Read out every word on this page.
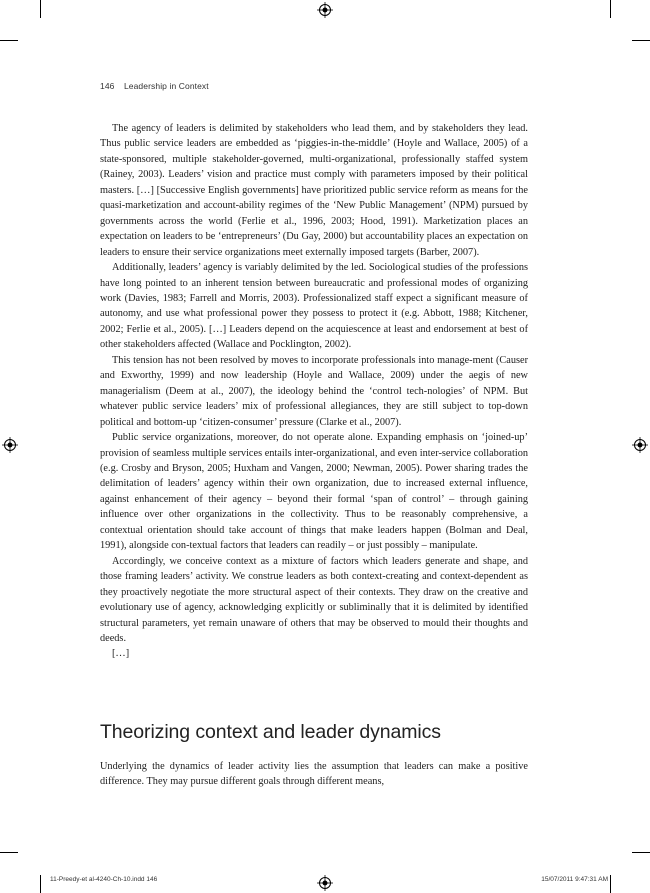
146 Leadership in Context

The agency of leaders is delimited by stakeholders who lead them, and by stakeholders they lead. Thus public service leaders are embedded as ‘piggies-in-the-middle’ (Hoyle and Wallace, 2005) of a state-sponsored, multiple stakeholder-governed, multi-organizational, professionally staffed system (Rainey, 2003). Leaders’ vision and practice must comply with parameters imposed by their political masters. […] [Successive English governments] have prioritized public service reform as means for the quasi-marketization and account-ability regimes of the ‘New Public Management’ (NPM) pursued by governments across the world (Ferlie et al., 1996, 2003; Hood, 1991). Marketization places an expectation on leaders to be ‘entrepreneurs’ (Du Gay, 2000) but accountability places an expectation on leaders to ensure their service organizations meet externally imposed targets (Barber, 2007).

Additionally, leaders’ agency is variably delimited by the led. Sociological studies of the professions have long pointed to an inherent tension between bureaucratic and professional modes of organizing work (Davies, 1983; Farrell and Morris, 2003). Professionalized staff expect a significant measure of autonomy, and use what professional power they possess to protect it (e.g. Abbott, 1988; Kitchener, 2002; Ferlie et al., 2005). […] Leaders depend on the acquiescence at least and endorsement at best of other stakeholders affected (Wallace and Pocklington, 2002).

This tension has not been resolved by moves to incorporate professionals into manage-ment (Causer and Exworthy, 1999) and now leadership (Hoyle and Wallace, 2009) under the aegis of new managerialism (Deem at al., 2007), the ideology behind the ‘control tech-nologies’ of NPM. But whatever public service leaders’ mix of professional allegiances, they are still subject to top-down political and bottom-up ‘citizen-consumer’ pressure (Clarke et al., 2007).

Public service organizations, moreover, do not operate alone. Expanding emphasis on ‘joined-up’ provision of seamless multiple services entails inter-organizational, and even inter-service collaboration (e.g. Crosby and Bryson, 2005; Huxham and Vangen, 2000; Newman, 2005). Power sharing trades the delimitation of leaders’ agency within their own organization, due to increased external influence, against enhancement of their agency – beyond their formal ‘span of control’ – through gaining influence over other organizations in the collectivity. Thus to be reasonably comprehensive, a contextual orientation should take account of things that make leaders happen (Bolman and Deal, 1991), alongside con-textual factors that leaders can readily – or just possibly – manipulate.

Accordingly, we conceive context as a mixture of factors which leaders generate and shape, and those framing leaders’ activity. We construe leaders as both context-creating and context-dependent as they proactively negotiate the more structural aspect of their contexts. They draw on the creative and evolutionary use of agency, acknowledging explicitly or subliminally that it is delimited by identified structural parameters, yet remain unaware of others that may be observed to mould their thoughts and deeds.

[…]

Theorizing context and leader dynamics

Underlying the dynamics of leader activity lies the assumption that leaders can make a positive difference. They may pursue different goals through different means,

11-Preedy-et al-4240-Ch-10.indd 146	15/07/2011 9:47:31 AM
